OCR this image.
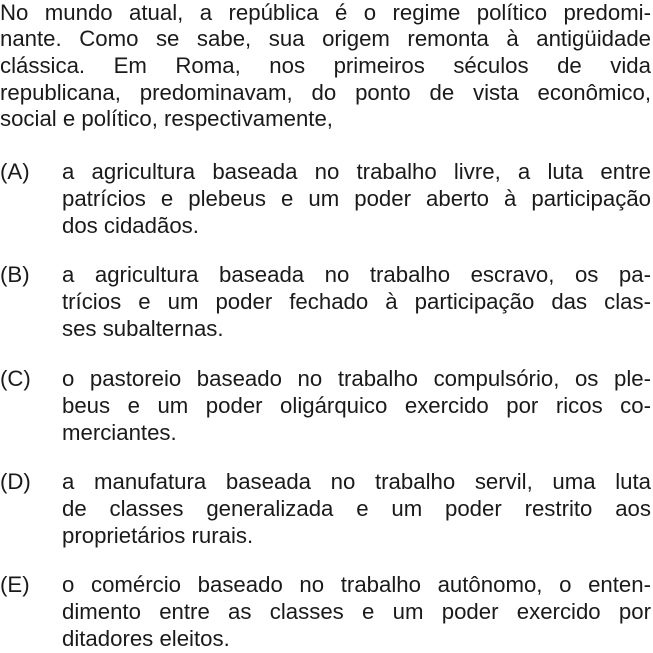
No mundo atual, a república é o regime político predomi-
nante. Como se sabe, sua origem remonta à antigüidade
clássica. Em Roma, nos primeiros séculos de vida
republicana, predominavam, do ponto de vista econômico,
social e político, respectivamente,
(A) a agricultura baseada no trabalho livre, a luta entre
patrícios e plebeus e um poder aberto à participação
dos cidadãos.
(B) a agricultura baseada no trabalho escravo, os pa-
trícios e um poder fechado à participação das clas-
ses subalternas.
(C) o pastoreio baseado no trabalho compulsório, os ple-
beus e um poder oligárquico exercido por ricos co-
merciantes.
(D) a manufatura baseada no trabalho servil, uma luta
de classes generalizada e um poder restrito aos
proprietários rurais.
(E) o comércio baseado no trabalho autônomo, o enten-
dimento entre as classes e um poder exercido por
ditadores eleitos.
